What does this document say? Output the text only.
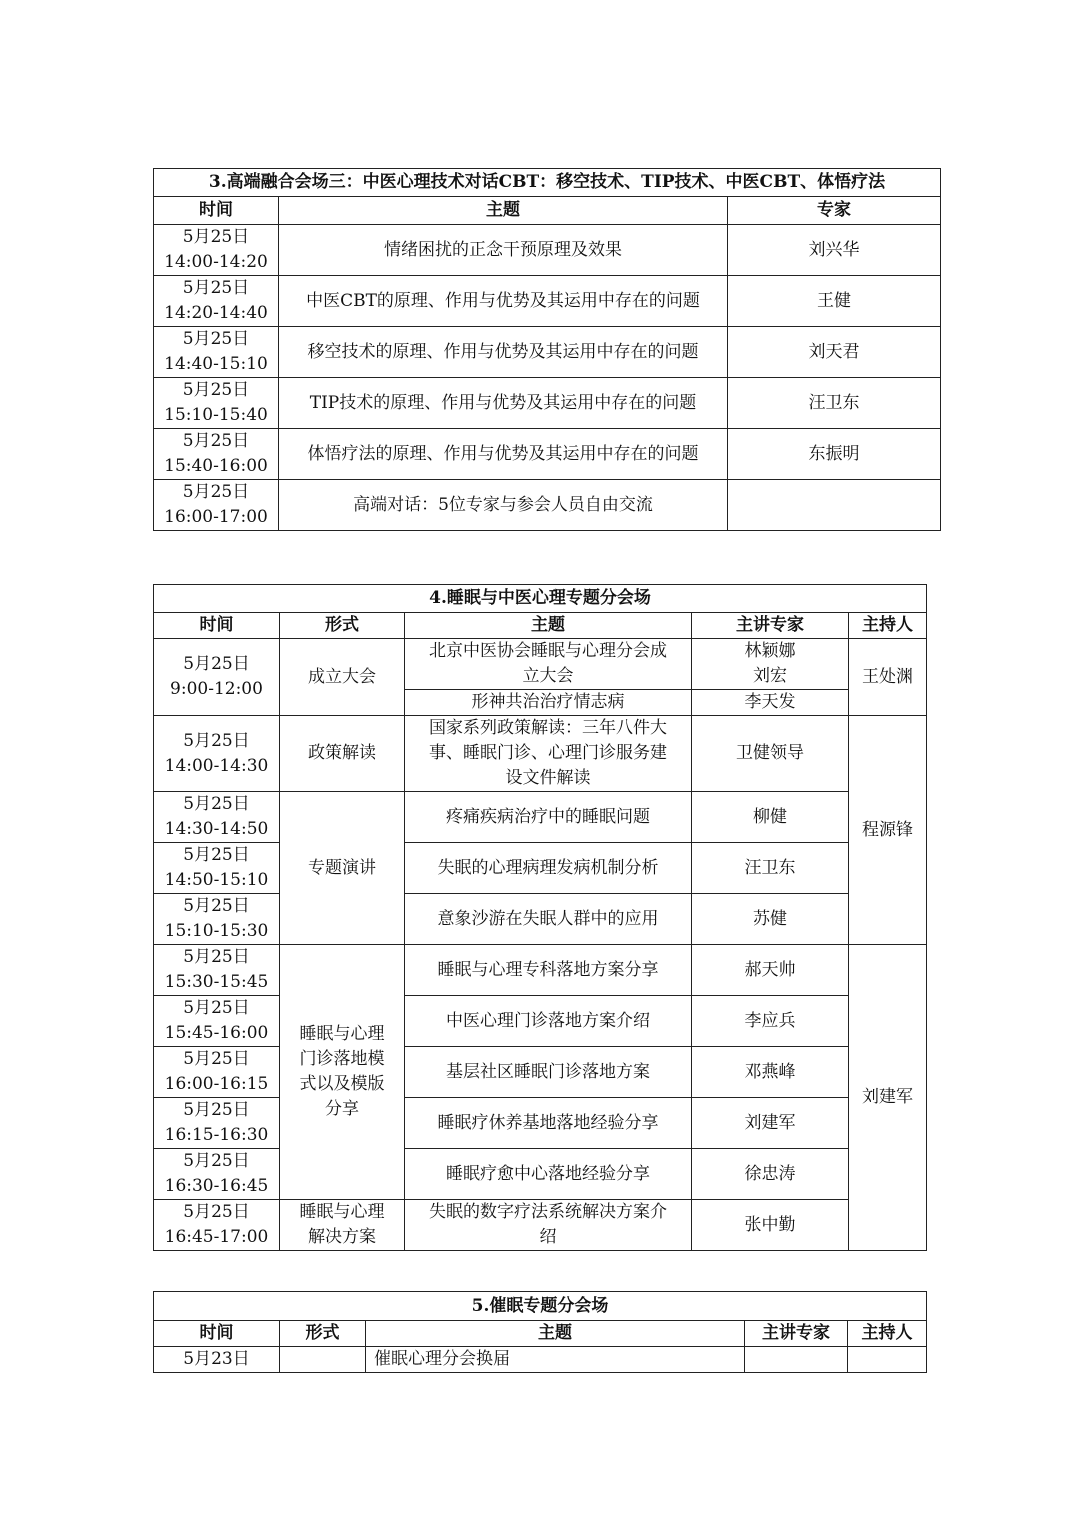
3.高端融合会场三：中医心理技术对话CBT：移空技术、TIP技术、中医CBT、体悟疗法		
时间	主题	专家

5月25日
14:00-14:20	情绪困扰的正念干预原理及效果	刘兴华

5月25日
14:20-14:40	中医CBT的原理、作用与优势及其运用中存在的问题	王健

5月25日
14:40-15:10	移空技术的原理、作用与优势及其运用中存在的问题	刘天君

5月25日
15:10-15:40	TIP技术的原理、作用与优势及其运用中存在的问题	汪卫东

5月25日
15:40-16:00	体悟疗法的原理、作用与优势及其运用中存在的问题	东振明

5月25日
16:00-17:00	高端对话：5位专家与参会人员自由交流	
4.睡眠与中医心理专题分会场				
时间	形式	主题	主讲专家	主持人

5月25日
9:00-12:00	成立大会	北京中医协会睡眠与心理分会成
立大会	林颖娜
刘宏	王处渊
		形神共治治疗情志病	李天发	

5月25日
14:00-14:30	政策解读	国家系列政策解读：三年八件大
事、睡眠门诊、心理门诊服务建
设文件解读	卫健领导	程源锋

5月25日
14:30-14:50	专题演讲	疼痛疾病治疗中的睡眠问题	柳健	

5月25日
14:50-15:10		失眠的心理病理发病机制分析	汪卫东	

5月25日
15:10-15:30		意象沙游在失眠人群中的应用	苏健	

5月25日
15:30-15:45	睡眠与心理
门诊落地模
式以及模版
分享	睡眠与心理专科落地方案分享	郝天帅	刘建军

5月25日
15:45-16:00		中医心理门诊落地方案介绍	李应兵	

5月25日
16:00-16:15		基层社区睡眠门诊落地方案	邓燕峰	

5月25日
16:15-16:30		睡眠疗休养基地落地经验分享	刘建军	

5月25日
16:30-16:45		睡眠疗愈中心落地经验分享	徐忠涛	

5月25日
16:45-17:00	睡眠与心理
解决方案	失眠的数字疗法系统解决方案介
绍	张中勤	
5.催眠专题分会场				
时间	形式	主题	主讲专家	主持人
5月23日		催眠心理分会换届		
